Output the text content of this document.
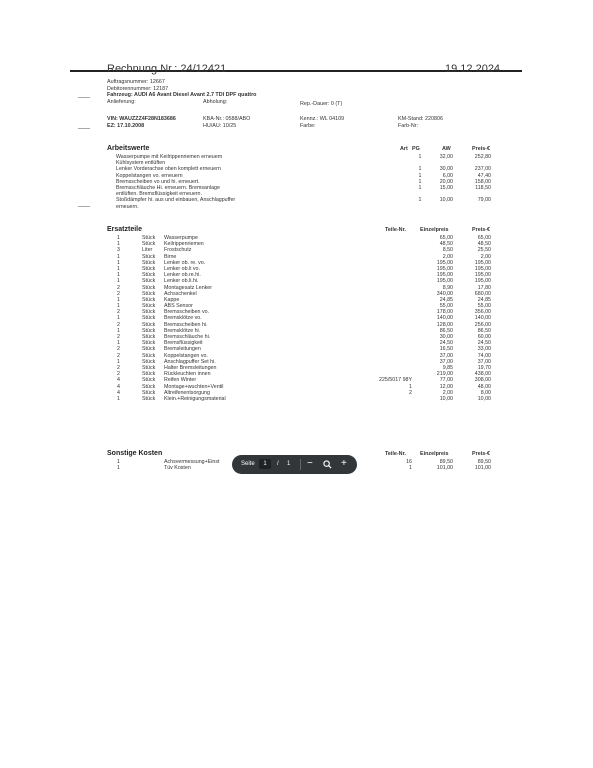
Rechnung Nr.: 24/12421	19.12.2024
Auftragsnummer: 12667
Debitorennummer: 12187
Fahrzeug: AUDI A6 Avant Diesel Avant 2.7 TDI DPF quattro
Anlieferung:	Abholung:	Rep.-Dauer: 0 (T)
VIN: WAUZZZ4F28N183686
EZ: 17.10.2008
KBA-Nr.: 0588/ABO
HU/AU: 10/25
Kennz.: WL 04109
Farbe:
KM-Stand: 220806
Farb-Nr:
Arbeitswerte	Art PG	AW	Preis-€
Wasserpumpe mit Keilrippenriemen erneuern	1	32,00	252,80
Kühlsystem entlüften
Lenker Vorderachse oben komplett erneuern	1	30,00	237,00
Koppelstangen vo. erneuern	1	6,00	47,40
Bremsscheiben vo und hi. erneuert.	1	20,00	158,00
Bremsschläuche Hi. erneuern. Bremsanlage	1	15,00	118,50
entlüften. Bremsflüssigkeit erneuern.
Stoßdämpfer hi. aus und einbauen, Anschlagpuffer	1	10,00	79,00
erneuern.
Ersatzteile	Teile-Nr.	Einzelpreis	Preis-€
1	Stück Wasserpumpe	65,00	65,00
1	Stück Keilrippenriemen	48,50	48,50
3	Liter Frostschutz	8,50	25,50
1	Stück Birne	2,00	2,00
1	Stück Lenker ob. re. vo.	195,00	195,00
1	Stück Lenker ob.li vo.	195,00	195,00
1	Stück Lenker ob.re.hi.	195,00	195,00
1	Stück Lenker ob.li.hi.	195,00	195,00
2	Stück Montagesatz Lenker	8,90	17,80
2	Stück Achsschenkel	340,00	680,00
1	Stück Kappe	24,85	24,85
1	Stück ABS Sensor	55,00	55,00
2	Stück Bremsscheiben vo.	178,00	356,00
1	Stück Bremsklötze vo.	140,00	140,00
2	Stück Bremsscheiben hi.	128,00	256,00
1	Stück Bremsklötze hi.	86,50	86,50
2	Stück Bremsschläuche hi.	30,00	60,00
1	Stück Bremsflüssigkeit	24,50	24,50
2	Stück Bremsleitungen	16,50	33,00
2	Stück Koppelstangen vo.	37,00	74,00
1	Stück Anschlagpuffer Set hi.	37,00	37,00
2	Stück Halter Bremsleitungen	9,85	19,70
2	Stück Rückleuchten innen	219,00	438,00
4	Stück Reifen Winter	225/5017 98Y	77,00	308,00
4	Stück Montage+wuchten+Ventil	1	12,00	48,00
4	Stück Altreifenentsorgung	2	2,00	8,00
1	Stück Klein.+Reinigungsmaterial	10,00	10,00
Sonstige Kosten	Teile-Nr.	Einzelpreis	Preis-€
1	Achsvermessung+Einst	16	89,50	89,50
1	Tüv Kosten	1	101,00	101,00
Seite	1	/ 1 −	+
